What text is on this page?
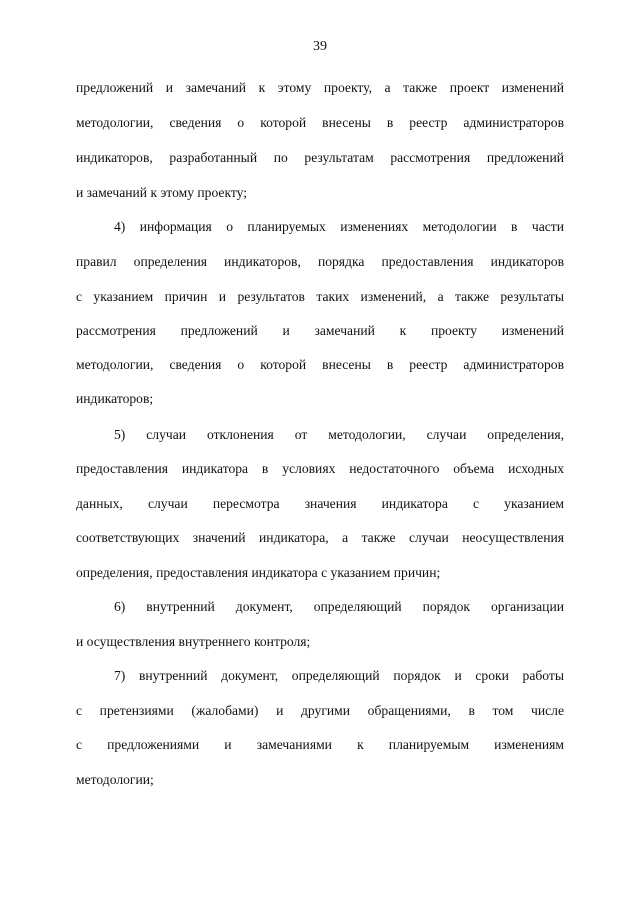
39
предложений и замечаний к этому проекту, а также проект изменений
методологии, сведения о которой внесены в реестр администраторов
индикаторов, разработанный по результатам рассмотрения предложений
и замечаний к этому проекту;
4) информация о планируемых изменениях методологии в части
правил определения индикаторов, порядка предоставления индикаторов
с указанием причин и результатов таких изменений, а также результаты
рассмотрения предложений и замечаний к проекту изменений
методологии, сведения о которой внесены в реестр администраторов
индикаторов;
5) случаи отклонения от методологии, случаи определения,
предоставления индикатора в условиях недостаточного объема исходных
данных, случаи пересмотра значения индикатора с указанием
соответствующих значений индикатора, а также случаи неосуществления
определения, предоставления индикатора с указанием причин;
6) внутренний документ, определяющий порядок организации
и осуществления внутреннего контроля;
7) внутренний документ, определяющий порядок и сроки работы
с претензиями (жалобами) и другими обращениями, в том числе
с предложениями и замечаниями к планируемым изменениям
методологии;
